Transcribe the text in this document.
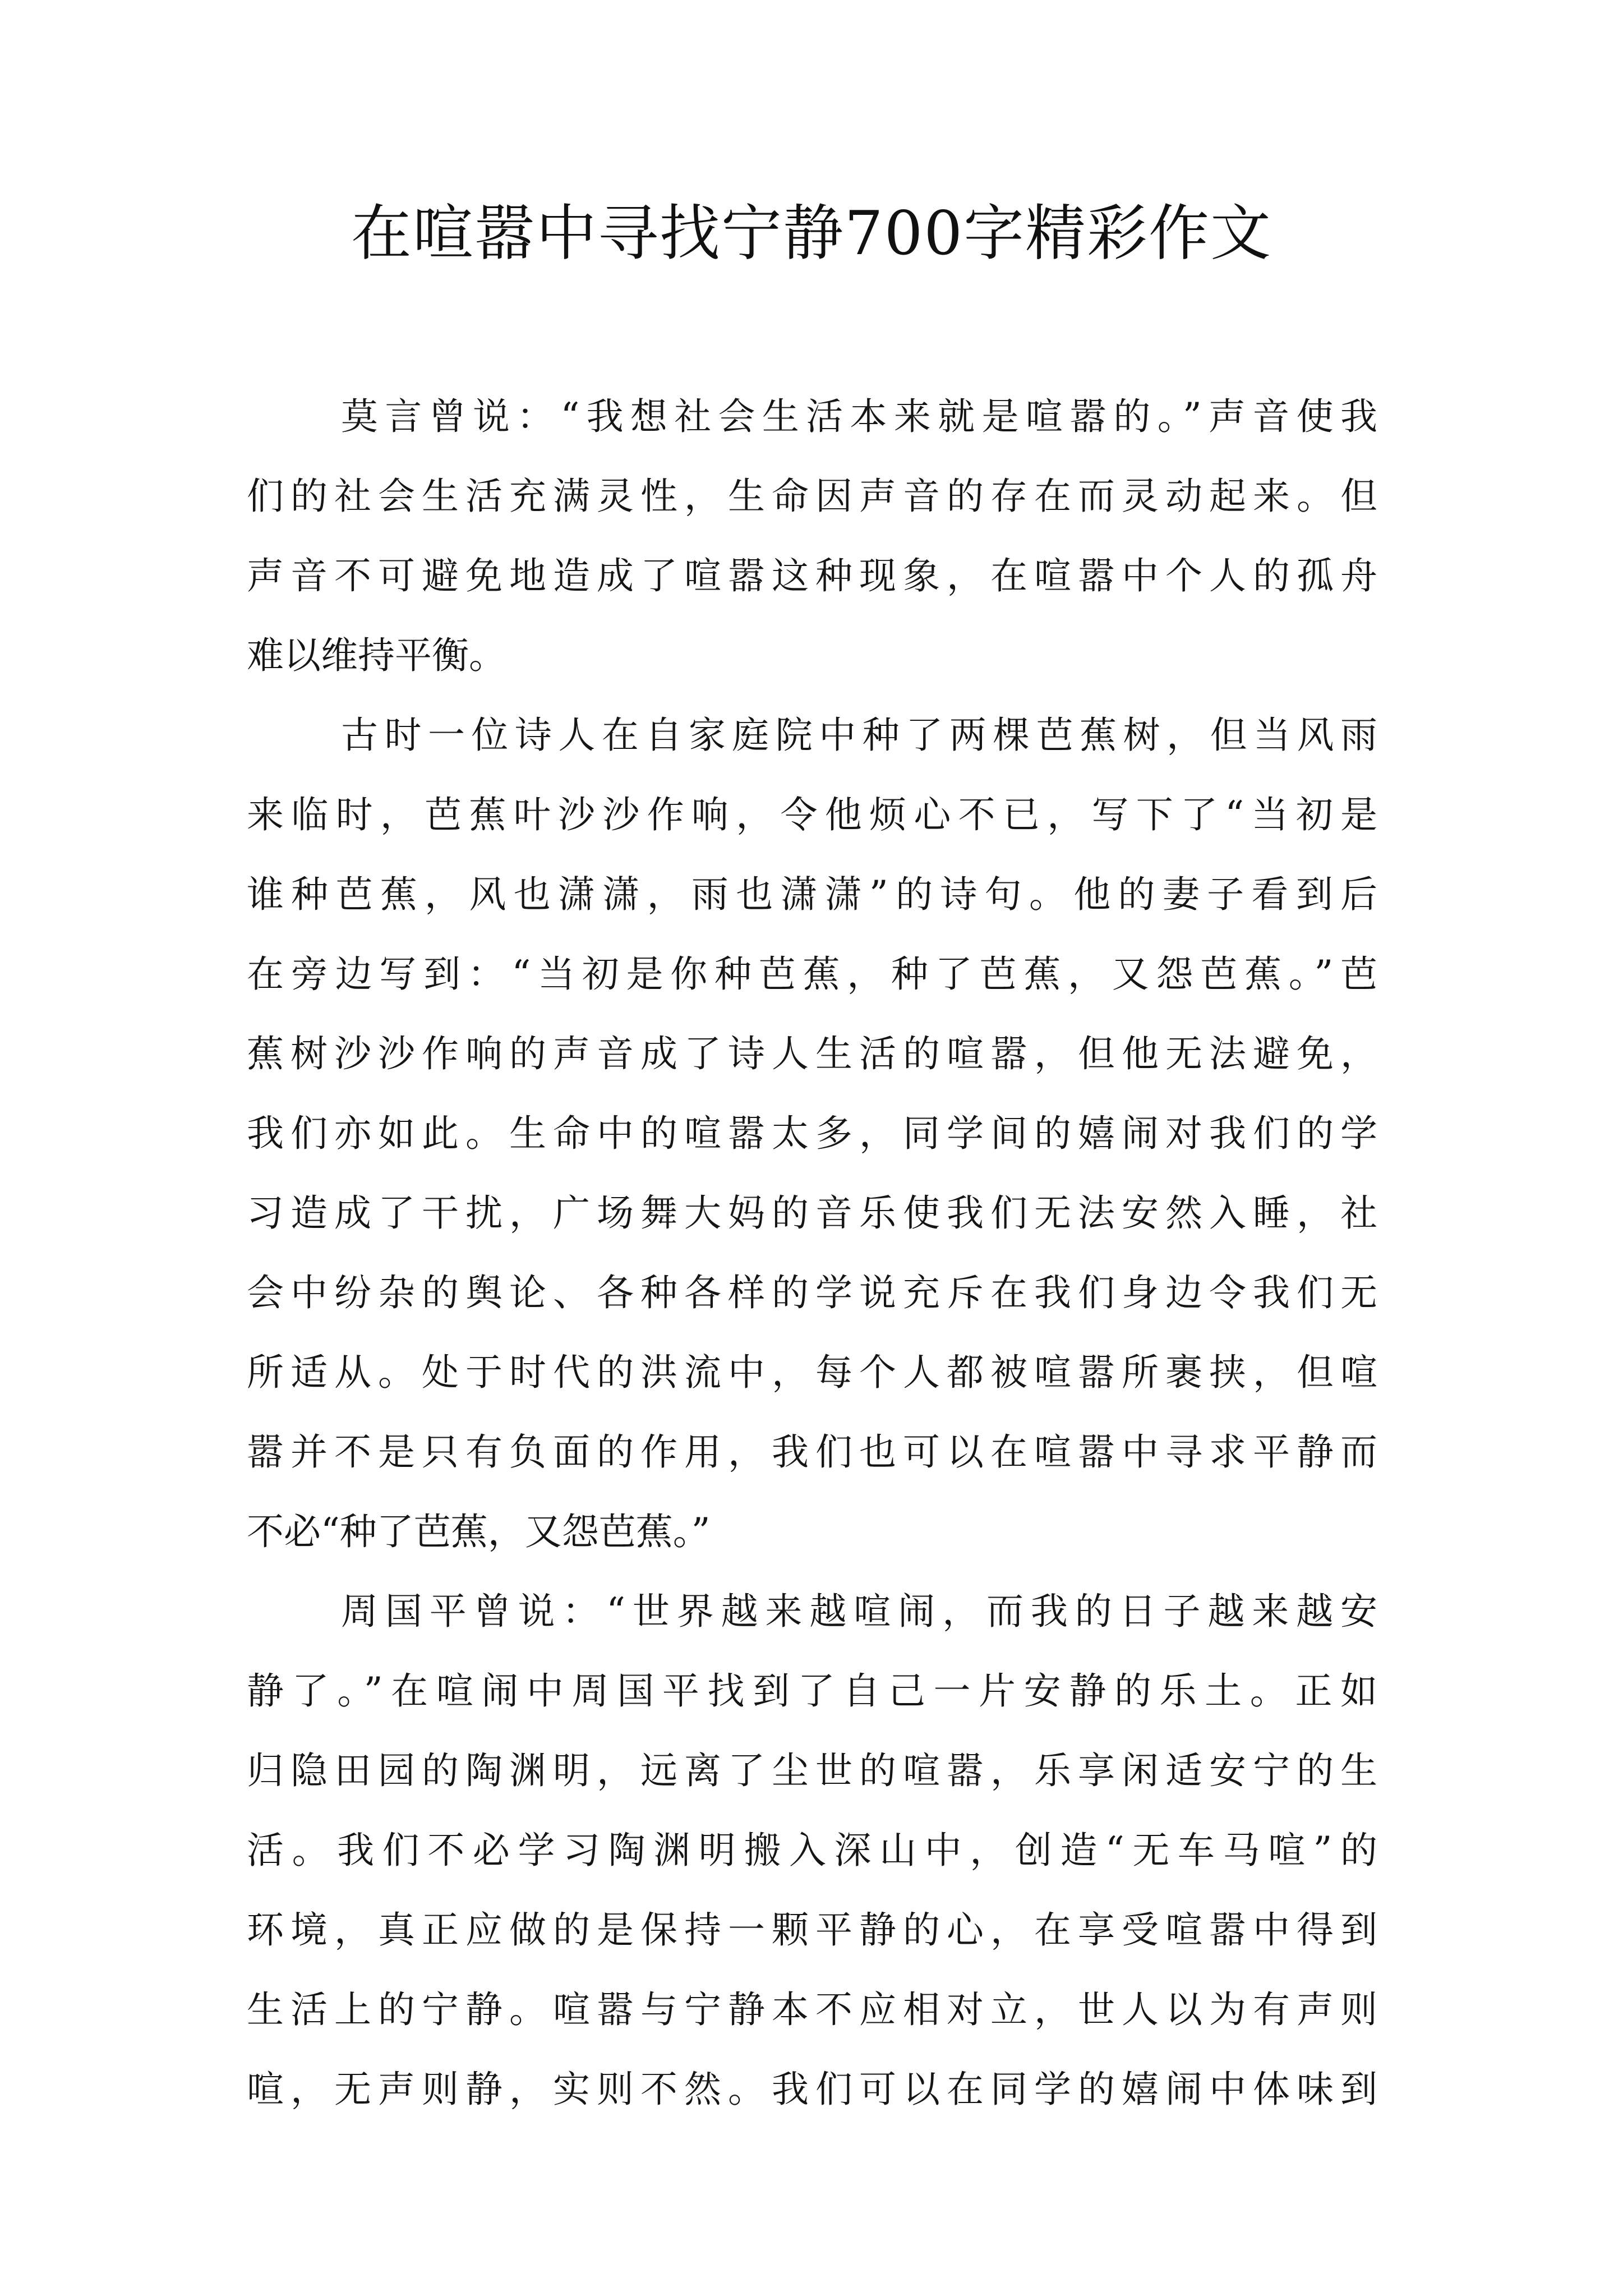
在喧嚣中寻找宁静700字精彩作文
莫言曾说：“我想社会生活本来就是喧嚣的。”声音使我
们的社会生活充满灵性，生命因声音的存在而灵动起来。但
声音不可避免地造成了喧嚣这种现象，在喧嚣中个人的孤舟
难以维持平衡。
古时一位诗人在自家庭院中种了两棵芭蕉树，但当风雨
来临时，芭蕉叶沙沙作响，令他烦心不已，写下了“当初是
谁种芭蕉，风也潇潇，雨也潇潇”的诗句。他的妻子看到后
在旁边写到：“当初是你种芭蕉，种了芭蕉，又怨芭蕉。”芭
蕉树沙沙作响的声音成了诗人生活的喧嚣，但他无法避免，
我们亦如此。生命中的喧嚣太多，同学间的嬉闹对我们的学
习造成了干扰，广场舞大妈的音乐使我们无法安然入睡，社
会中纷杂的舆论、各种各样的学说充斥在我们身边令我们无
所适从。处于时代的洪流中，每个人都被喧嚣所裹挟，但喧
嚣并不是只有负面的作用，我们也可以在喧嚣中寻求平静而
不必“种了芭蕉，又怨芭蕉。”
周国平曾说：“世界越来越喧闹，而我的日子越来越安
静了。”在喧闹中周国平找到了自己一片安静的乐土。正如
归隐田园的陶渊明，远离了尘世的喧嚣，乐享闲适安宁的生
活。我们不必学习陶渊明搬入深山中，创造“无车马喧”的
环境，真正应做的是保持一颗平静的心，在享受喧嚣中得到
生活上的宁静。喧嚣与宁静本不应相对立，世人以为有声则
喧，无声则静，实则不然。我们可以在同学的嬉闹中体味到
